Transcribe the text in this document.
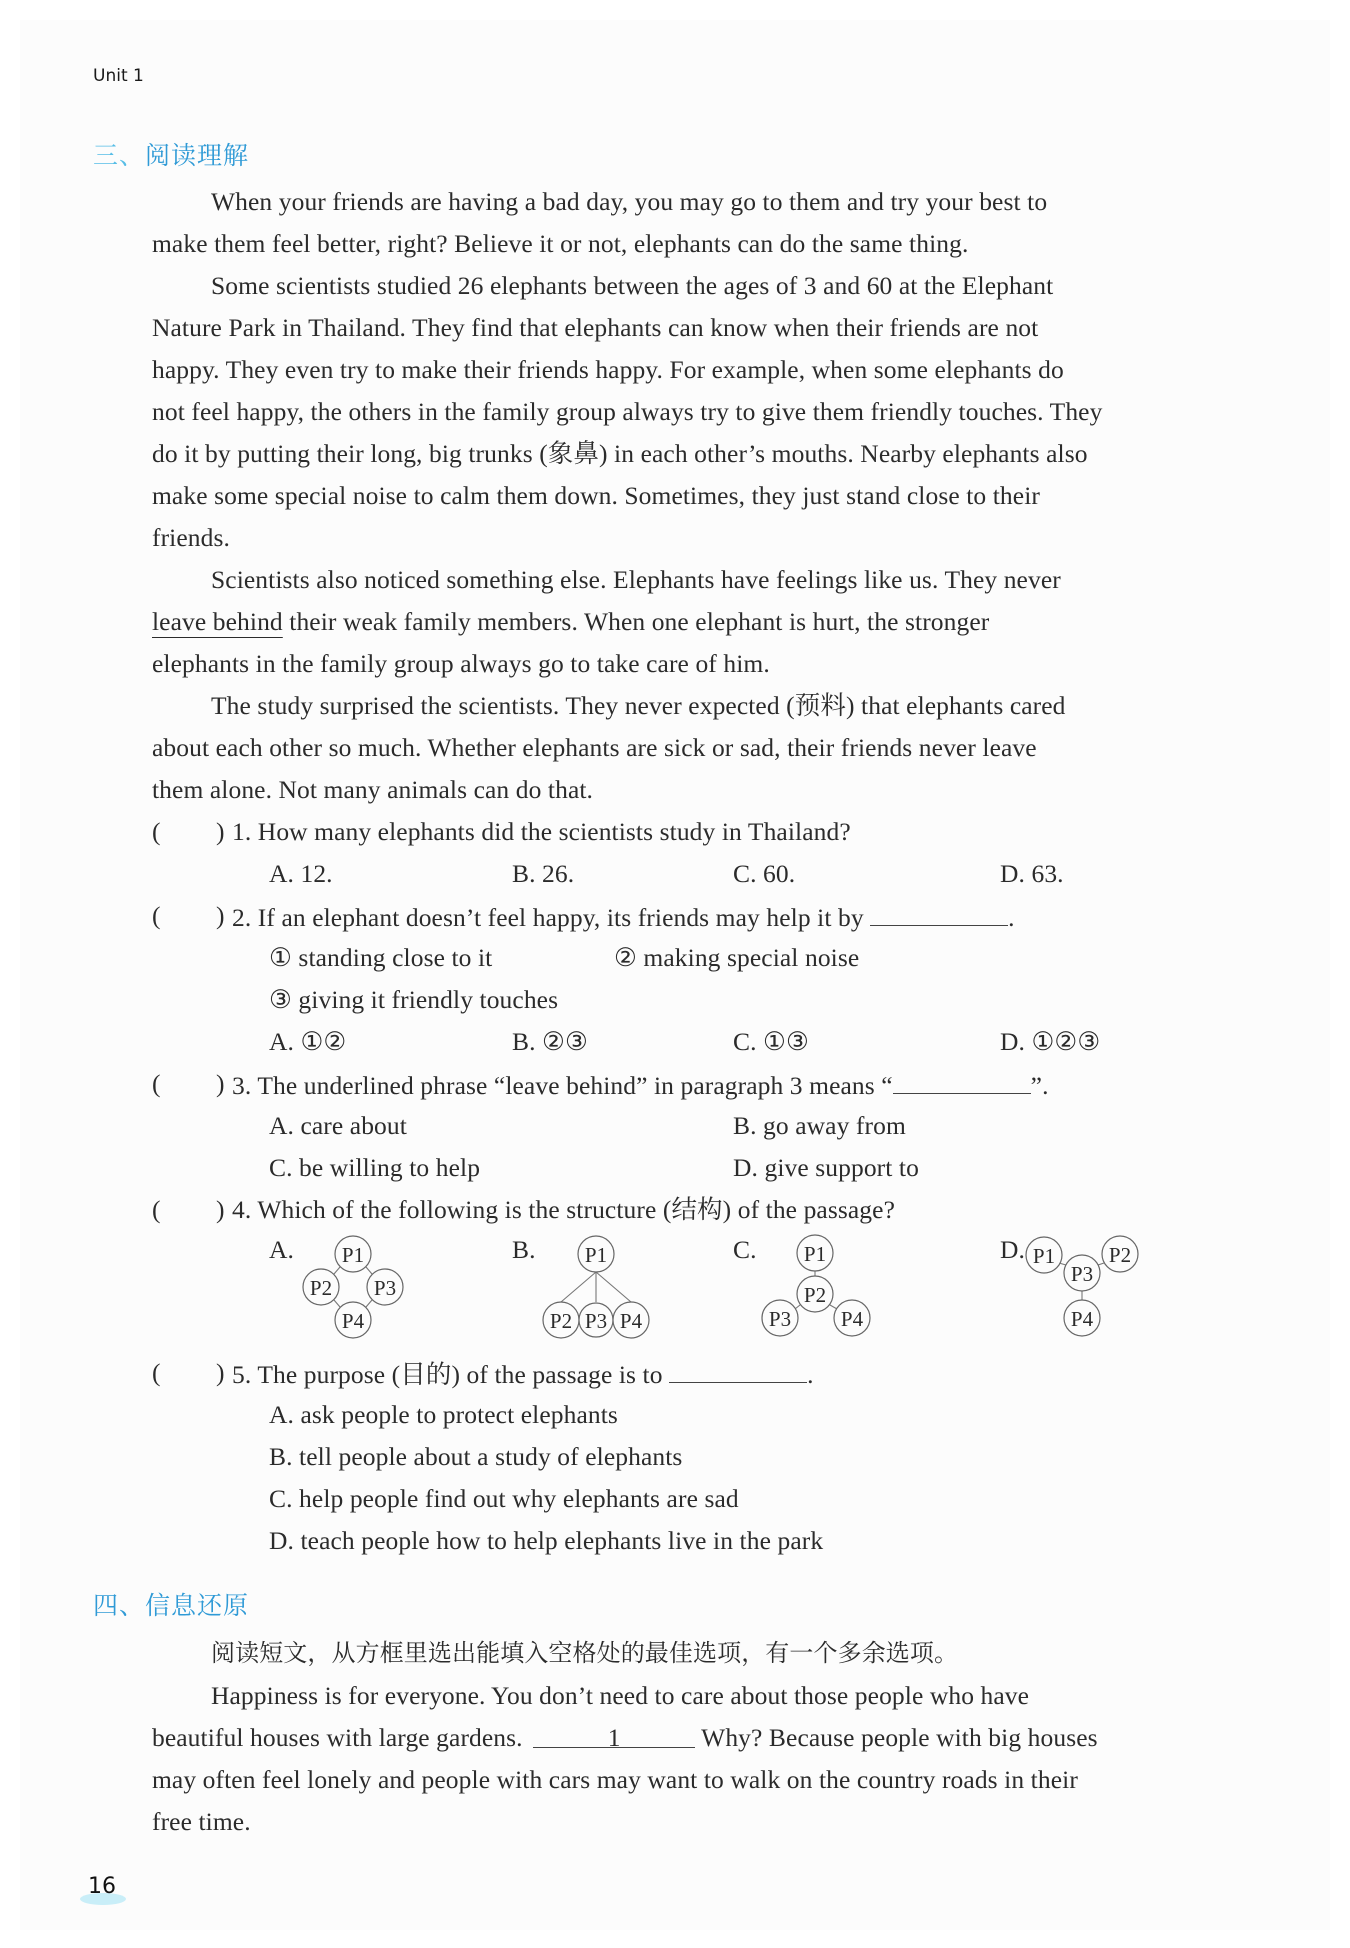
Unit 1
三、阅读理解
When your friends are having a bad day, you may go to them and try your best to
make them feel better, right? Believe it or not, elephants can do the same thing.
Some scientists studied 26 elephants between the ages of 3 and 60 at the Elephant
Nature Park in Thailand. They find that elephants can know when their friends are not
happy. They even try to make their friends happy. For example, when some elephants do
not feel happy, the others in the family group always try to give them friendly touches. They
do it by putting their long, big trunks (象鼻) in each other’s mouths. Nearby elephants also
make some special noise to calm them down. Sometimes, they just stand close to their
friends.
Scientists also noticed something else. Elephants have feelings like us. They never
leave behind their weak family members. When one elephant is hurt, the stronger
elephants in the family group always go to take care of him.
The study surprised the scientists. They never expected (预料) that elephants cared
about each other so much. Whether elephants are sick or sad, their friends never leave
them alone. Not many animals can do that.
( ) 1. How many elephants did the scientists study in Thailand?
A. 12.	B. 26.	C. 60.	D. 63.
( ) 2. If an elephant doesn’t feel happy, its friends may help it by	.
① standing close to it	② making special noise
③ giving it friendly touches
A. ①②	B. ②③	C. ①③	D. ①②③
( ) 3. The underlined phrase “leave behind” in paragraph 3 means “	”.
A. care about	B. go away from
C. be willing to help	D. give support to
( ) 4. Which of the following is the structure (结构) of the passage?
A.	B.	C.	D.
P1
P2 P3
P4
P1
P2 P3 P4
P1
P2
P3 P4
P1	P2
P3
P4
( ) 5. The purpose (目的) of the passage is to	.
A. ask people to protect elephants
B. tell people about a study of elephants
C. help people find out why elephants are sad
D. teach people how to help elephants live in the park
四、信息还原
阅读短文，从方框里选出能填入空格处的最佳选项，有一个多余选项。
Happiness is for everyone. You don’t need to care about those people who have
beautiful houses with large gardens.	1	Why? Because people with big houses
may often feel lonely and people with cars may want to walk on the country roads in their
free time.
16
